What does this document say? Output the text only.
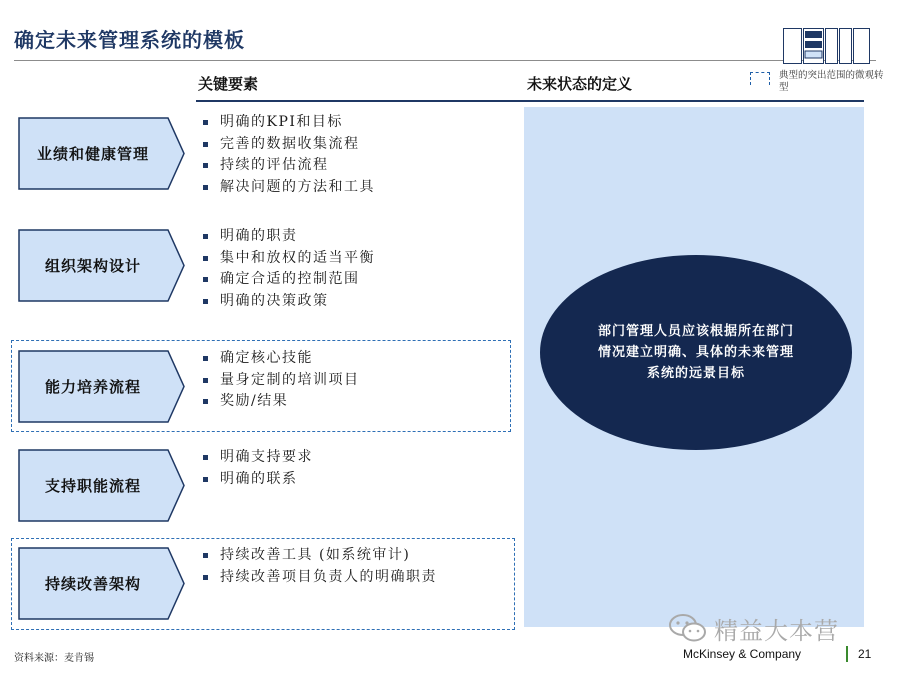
确定未来管理系统的模板
典型的突出范围的微观转型
关键要素	未来状态的定义
部门管理人员应该根据所在部门情况建立明确、具体的未来管理系统的远景目标
业绩和健康管理
明确的KPI和目标
完善的数据收集流程
持续的评估流程
解决问题的方法和工具
组织架构设计
明确的职责
集中和放权的适当平衡
确定合适的控制范围
明确的决策政策
能力培养流程
确定核心技能
量身定制的培训项目
奖励/结果
支持职能流程
明确支持要求
明确的联系
持续改善架构
持续改善工具 (如系统审计)
持续改善项目负责人的明确职责
精益大本营
资料来源：麦肯锡	McKinsey & Company	21
